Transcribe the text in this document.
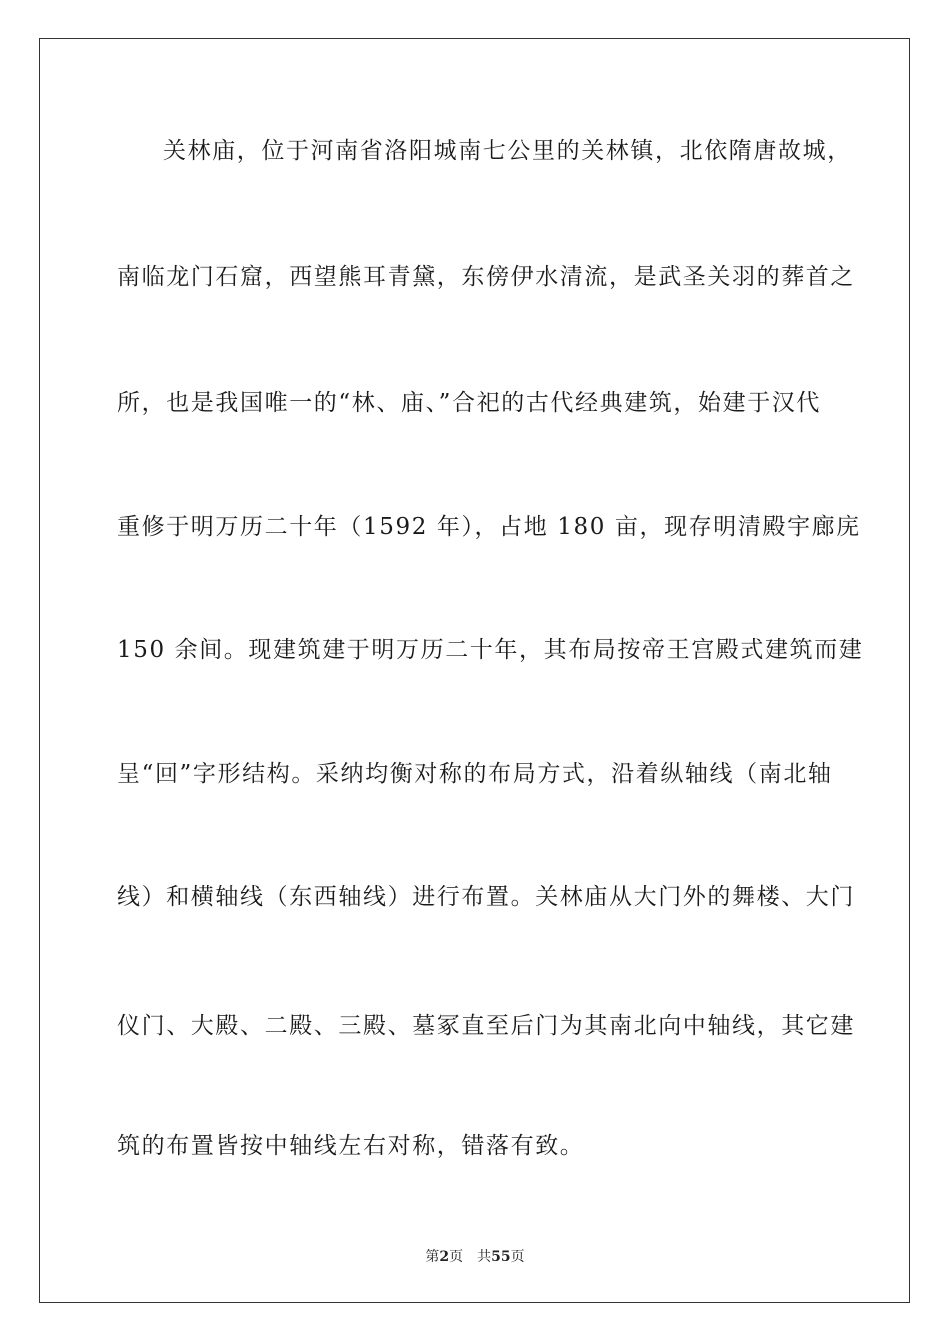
关林庙，位于河南省洛阳城南七公里的关林镇，北依隋唐故城，
南临龙门石窟，西望熊耳青黛，东傍伊水清流，是武圣关羽的葬首之
所，也是我国唯一的“林、庙、”合祀的古代经典建筑，始建于汉代
重修于明万历二十年（1592 年），占地 180 亩，现存明清殿宇廊庑
150 余间。现建筑建于明万历二十年，其布局按帝王宫殿式建筑而建
呈“回”字形结构。采纳均衡对称的布局方式，沿着纵轴线（南北轴
线）和横轴线（东西轴线）进行布置。关林庙从大门外的舞楼、大门
仪门、大殿、二殿、三殿、墓冢直至后门为其南北向中轴线，其它建
筑的布置皆按中轴线左右对称，错落有致。
第2页 共55页
